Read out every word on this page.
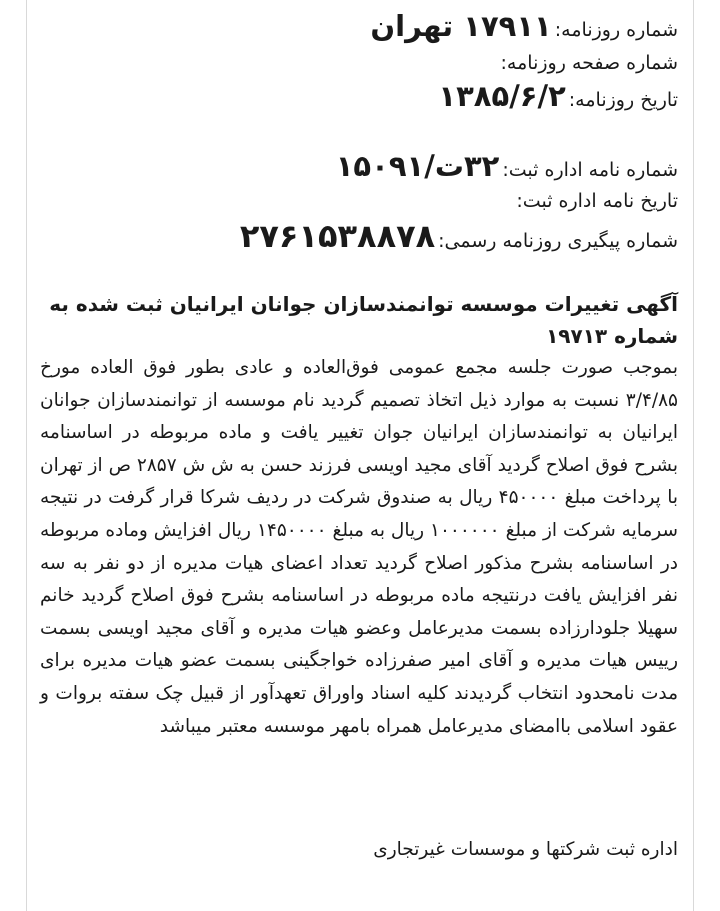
شماره روزنامه:۱۷۹۱۱ تهران
شماره صفحه روزنامه:
تاریخ روزنامه:۱۳۸۵/۶/۲
شماره نامه اداره ثبت:۳۲ت/۱۵۰۹۱
تاریخ نامه اداره ثبت:
شماره پیگیری روزنامه رسمی:۲۷۶۱۵۳۸۸۷۸
آگهی تغییرات موسسه توانمندسازان جوانان ایرانیان ثبت شده به شماره ۱۹۷۱۳
بموجب صورت جلسه مجمع عمومی فوق‌العاده و عادی بطور فوق العاده مورخ ۳/۴/۸۵ نسبت به موارد ذیل اتخاذ تصمیم گردید نام موسسه از توانمندسازان جوانان ایرانیان به توانمندسازان ایرانیان جوان تغییر یافت و ماده مربوطه در اساسنامه بشرح فوق اصلاح گردید آقای مجید اویسی فرزند حسن به ش ش ۲۸۵۷ ص از تهران با پرداخت مبلغ ۴۵۰۰۰۰ ریال به صندوق شرکت در ردیف شرکا قرار گرفت در نتیجه سرمایه شرکت از مبلغ ۱۰۰۰۰۰۰ ریال به مبلغ ۱۴۵۰۰۰۰ ریال افزایش وماده مربوطه در اساسنامه بشرح مذکور اصلاح گردید تعداد اعضای هیات مدیره از دو نفر به سه نفر افزایش یافت درنتیجه ماده مربوطه در اساسنامه بشرح فوق اصلاح گردید خانم سهیلا جلودارزاده بسمت مدیرعامل وعضو هیات مدیره و آقای مجید اویسی بسمت رییس هیات مدیره و آقای امیر صفرزاده خواجگینی بسمت عضو هیات مدیره برای مدت نامحدود انتخاب گردیدند کلیه اسناد واوراق تعهدآور از قبیل چک سفته بروات و عقود اسلامی باامضای مدیرعامل همراه بامهر موسسه معتبر میباشد
اداره ثبت شرکتها و موسسات غیرتجاری
